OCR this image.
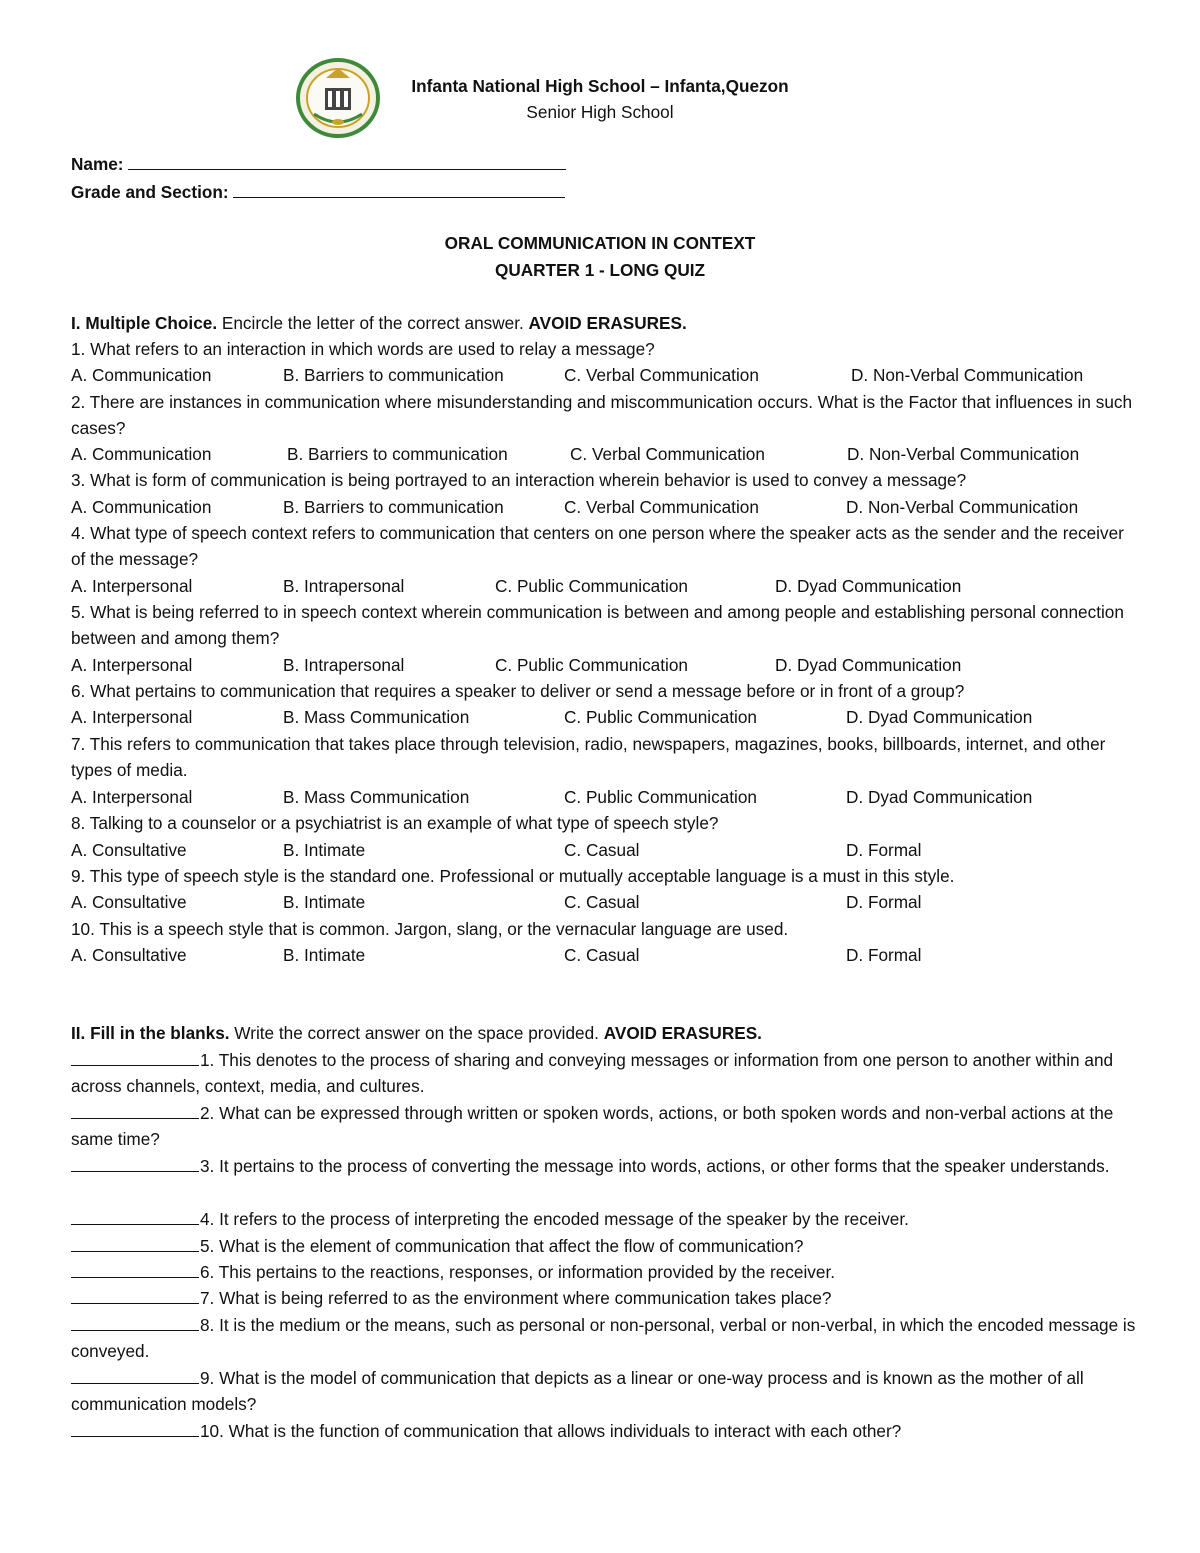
Infanta National High School – Infanta,Quezon
Senior High School
Name:
Grade and Section:
ORAL COMMUNICATION IN CONTEXT
QUARTER 1 - LONG QUIZ
I. Multiple Choice. Encircle the letter of the correct answer. AVOID ERASURES.
1. What refers to an interaction in which words are used to relay a message?
A. Communication	B. Barriers to communication	C. Verbal Communication	D. Non-Verbal Communication
2. There are instances in communication where misunderstanding and miscommunication occurs. What is the Factor that influences in such cases?
A. Communication	B. Barriers to communication	C. Verbal Communication	D. Non-Verbal Communication
3. What is form of communication is being portrayed to an interaction wherein behavior is used to convey a message?
A. Communication	B. Barriers to communication	C. Verbal Communication	D. Non-Verbal Communication
4. What type of speech context refers to communication that centers on one person where the speaker acts as the sender and the receiver of the message?
A. Interpersonal	B. Intrapersonal	C. Public Communication	D. Dyad Communication
5. What is being referred to in speech context wherein communication is between and among people and establishing personal connection between and among them?
A. Interpersonal	B. Intrapersonal	C. Public Communication	D. Dyad Communication
6. What pertains to communication that requires a speaker to deliver or send a message before or in front of a group?
A. Interpersonal	B. Mass Communication	C. Public Communication	D. Dyad Communication
7. This refers to communication that takes place through television, radio, newspapers, magazines, books, billboards, internet, and other types of media.
A. Interpersonal	B. Mass Communication	C. Public Communication	D. Dyad Communication
8. Talking to a counselor or a psychiatrist is an example of what type of speech style?
A. Consultative	B. Intimate	C. Casual	D. Formal
9. This type of speech style is the standard one. Professional or mutually acceptable language is a must in this style.
A. Consultative	B. Intimate	C. Casual	D. Formal
10. This is a speech style that is common. Jargon, slang, or the vernacular language are used.
A. Consultative	B. Intimate	C. Casual	D. Formal
II. Fill in the blanks. Write the correct answer on the space provided. AVOID ERASURES.
1. This denotes to the process of sharing and conveying messages or information from one person to another within and across channels, context, media, and cultures.
2. What can be expressed through written or spoken words, actions, or both spoken words and non-verbal actions at the same time?
3. It pertains to the process of converting the message into words, actions, or other forms that the speaker understands.
4. It refers to the process of interpreting the encoded message of the speaker by the receiver.
5. What is the element of communication that affect the flow of communication?
6. This pertains to the reactions, responses, or information provided by the receiver.
7. What is being referred to as the environment where communication takes place?
8. It is the medium or the means, such as personal or non-personal, verbal or non-verbal, in which the encoded message is conveyed.
9. What is the model of communication that depicts as a linear or one-way process and is known as the mother of all communication models?
10. What is the function of communication that allows individuals to interact with each other?
